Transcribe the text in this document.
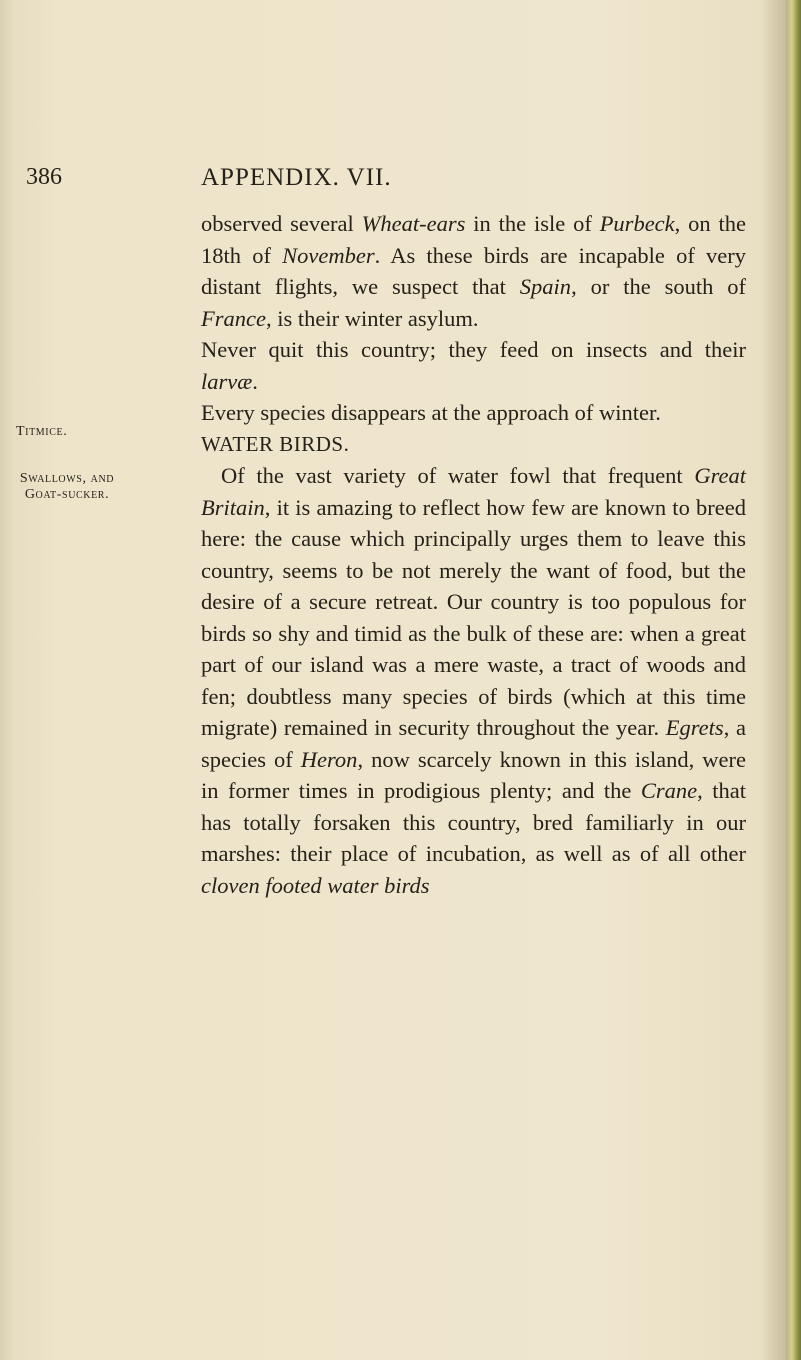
386	APPENDIX. VII.
Titmice.
Swallows, and Goat-sucker.

observed several Wheat-ears in the isle of Purbeck, on the 18th of November. As these birds are incapable of very distant flights, we suspect that Spain, or the south of France, is their winter asylum.

Never quit this country; they feed on insects and their larvæ.

Every species disappears at the approach of winter.

WATER BIRDS.

Of the vast variety of water fowl that frequent Great Britain, it is amazing to reflect how few are known to breed here: the cause which principally urges them to leave this country, seems to be not merely the want of food, but the desire of a secure retreat. Our country is too populous for birds so shy and timid as the bulk of these are: when a great part of our island was a mere waste, a tract of woods and fen; doubtless many species of birds (which at this time migrate) remained in security throughout the year. Egrets, a species of Heron, now scarcely known in this island, were in former times in prodigious plenty; and the Crane, that has totally forsaken this country, bred familiarly in our marshes: their place of incubation, as well as of all other cloven footed water birds
